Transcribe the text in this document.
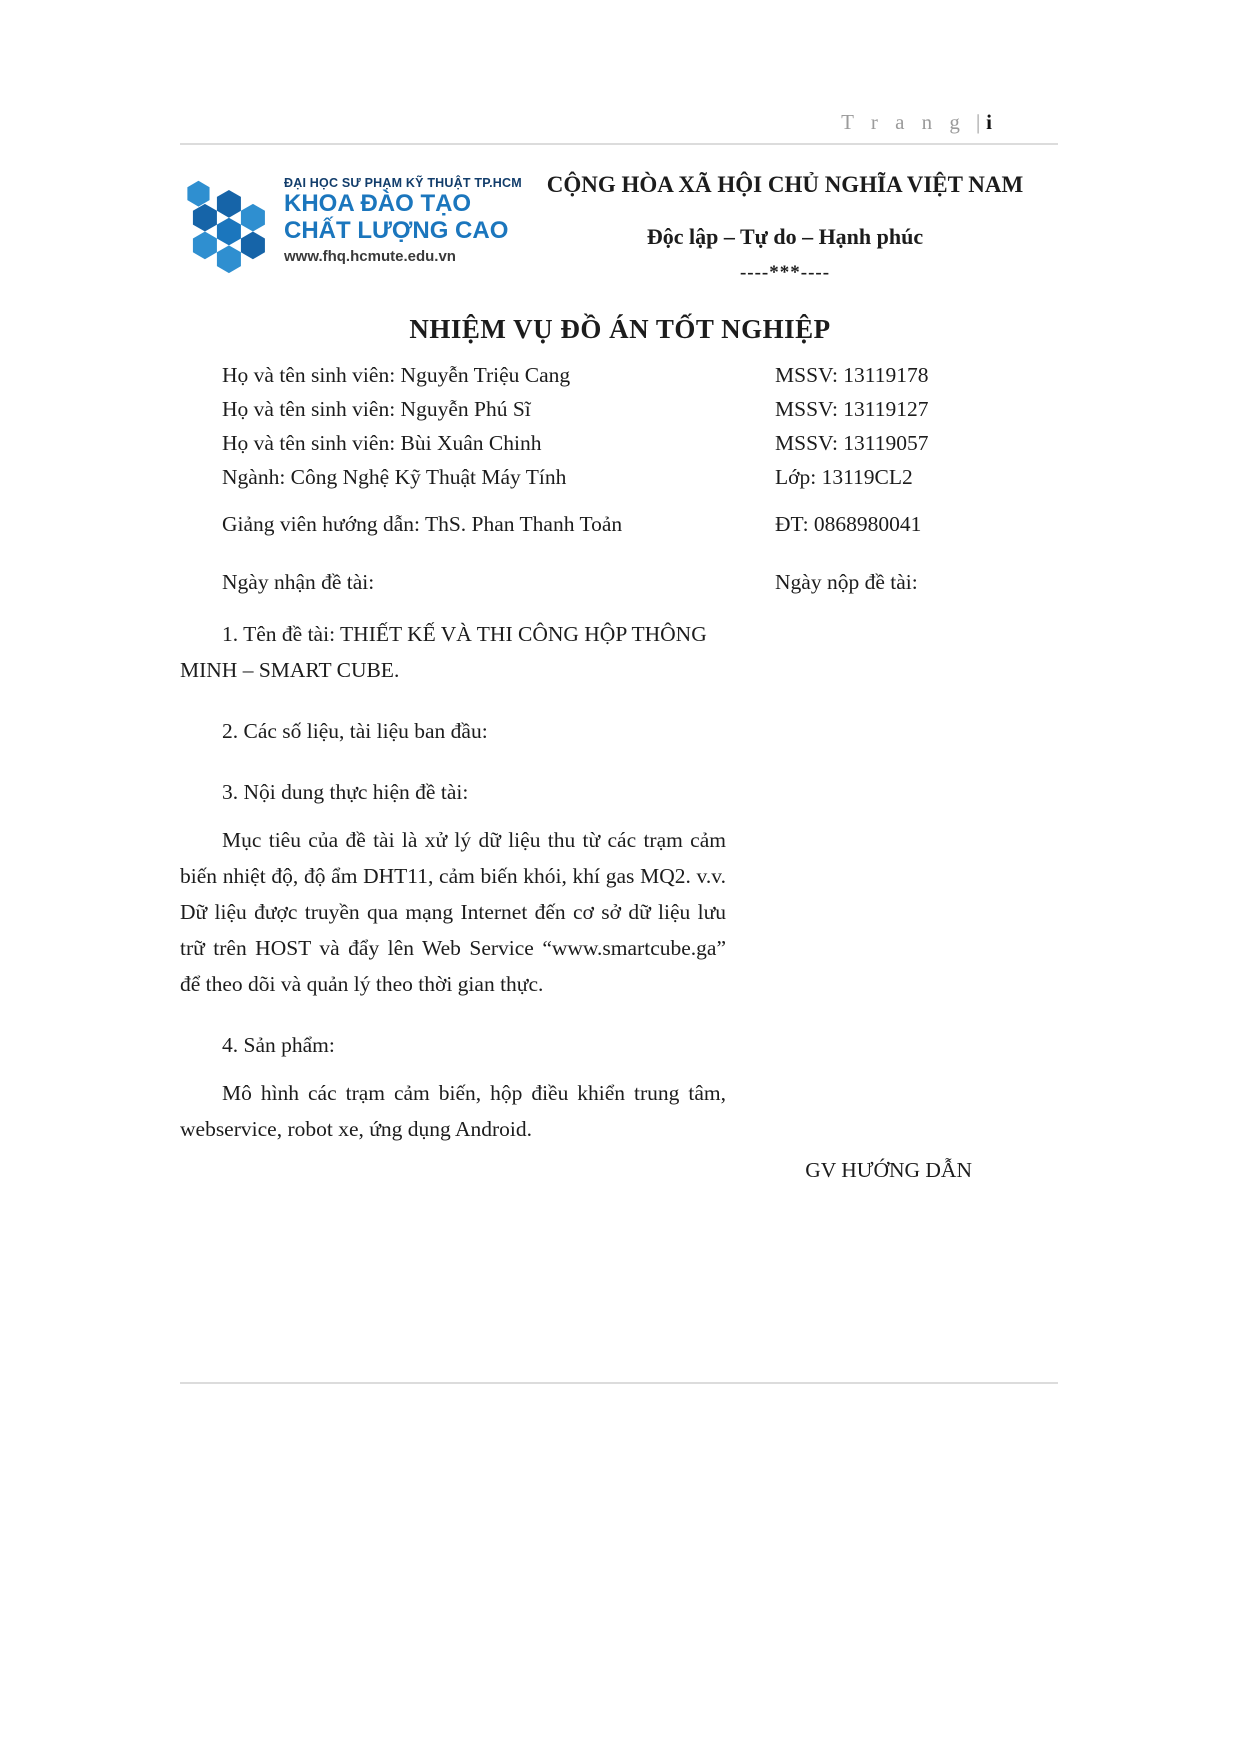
T r a n g | i
ĐẠI HỌC SƯ PHẠM KỸ THUẬT TP.HCM
KHOA ĐÀO TẠO
CHẤT LƯỢNG CAO
www.fhq.hcmute.edu.vn
CỘNG HÒA XÃ HỘI CHỦ NGHĨA VIỆT NAM
Độc lập – Tự do – Hạnh phúc
----***----
NHIỆM VỤ ĐỒ ÁN TỐT NGHIỆP
Họ và tên sinh viên: Nguyễn Triệu Cang	MSSV: 13119178
Họ và tên sinh viên: Nguyễn Phú Sĩ	MSSV: 13119127
Họ và tên sinh viên: Bùi Xuân Chinh	MSSV: 13119057
Ngành: Công Nghệ Kỹ Thuật Máy Tính	Lớp: 13119CL2
Giảng viên hướng dẫn: ThS. Phan Thanh Toản	ĐT: 0868980041
Ngày nhận đề tài:	Ngày nộp đề tài:

1. Tên đề tài: THIẾT KẾ VÀ THI CÔNG HỘP THÔNG MINH – SMART CUBE.

2. Các số liệu, tài liệu ban đầu:

3. Nội dung thực hiện đề tài:

Mục tiêu của đề tài là xử lý dữ liệu thu từ các trạm cảm biến nhiệt độ, độ ẩm DHT11, cảm biến khói, khí gas MQ2. v.v. Dữ liệu được truyền qua mạng Internet đến cơ sở dữ liệu lưu trữ trên HOST và đẩy lên Web Service “www.smartcube.ga” để theo dõi và quản lý theo thời gian thực.

4. Sản phẩm:

Mô hình các trạm cảm biến, hộp điều khiển trung tâm, webservice, robot xe, ứng dụng Android.

GV HƯỚNG DẪN
